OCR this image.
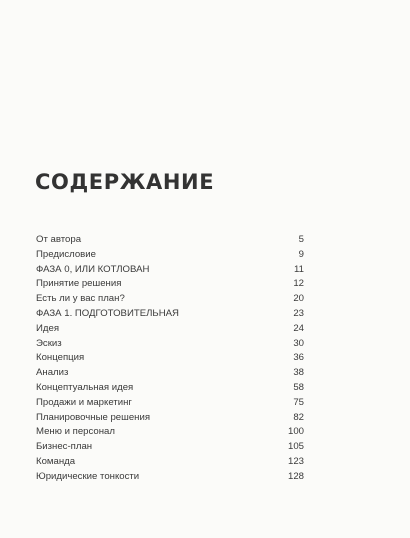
СОДЕРЖАНИЕ
От автора	5
Предисловие	9
ФАЗА 0, ИЛИ КОТЛОВАН	11
Принятие решения	12
Есть ли у вас план?	20
ФАЗА 1. ПОДГОТОВИТЕЛЬНАЯ	23
Идея	24
Эскиз	30
Концепция	36
Анализ	38
Концептуальная идея	58
Продажи и маркетинг	75
Планировочные решения	82
Меню и персонал	100
Бизнес-план	105
Команда	123
Юридические тонкости	128
